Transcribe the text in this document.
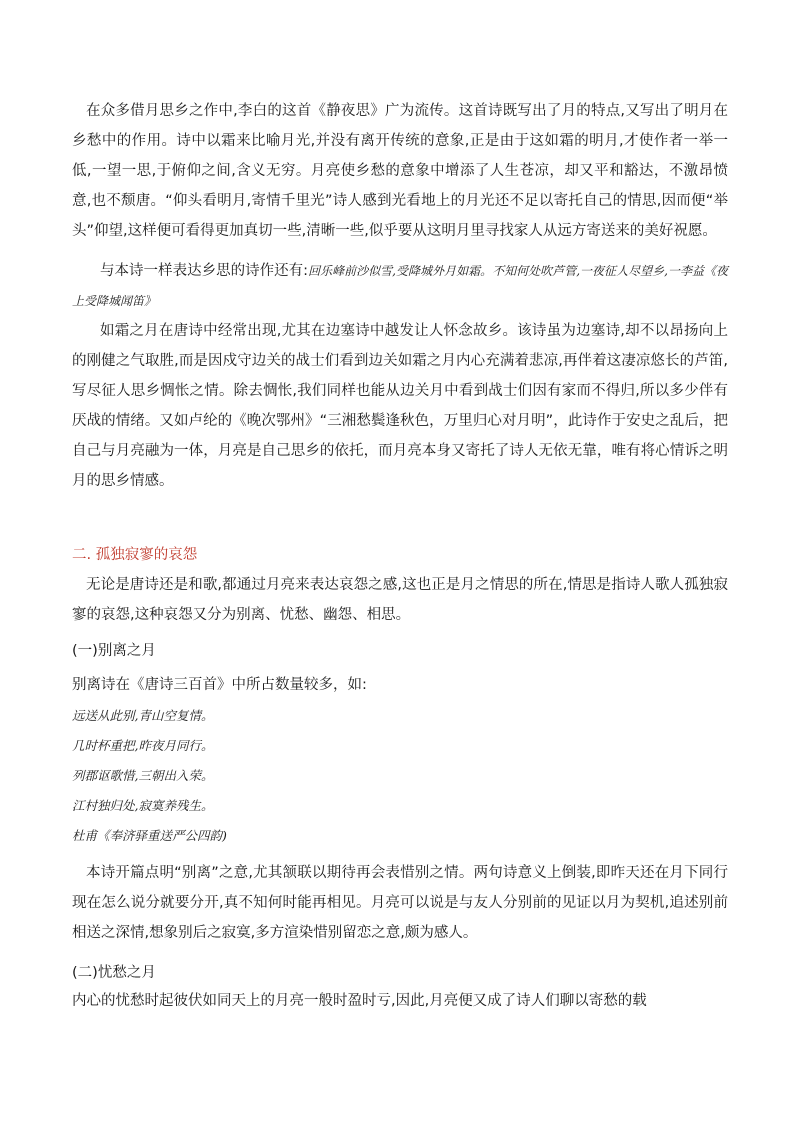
在众多借月思乡之作中,李白的这首《静夜思》广为流传。这首诗既写出了月的特点,又写出了明月在乡愁中的作用。诗中以霜来比喻月光,并没有离开传统的意象,正是由于这如霜的明月,才使作者一举一低,一望一思,于俯仰之间,含义无穷。月亮使乡愁的意象中增添了人生苍凉，却又平和豁达，不激昂愤意,也不颓唐。“仰头看明月,寄情千里光”诗人感到光看地上的月光还不足以寄托自己的情思,因而便“举头”仰望,这样便可看得更加真切一些,清晰一些,似乎要从这明月里寻找家人从远方寄送来的美好祝愿。
与本诗一样表达乡思的诗作还有:回乐峰前沙似雪,受降城外月如霜。不知何处吹芦管,一夜征人尽望乡,一李益《夜上受降城闻笛》
如霜之月在唐诗中经常出现,尤其在边塞诗中越发让人怀念故乡。该诗虽为边塞诗,却不以昂扬向上的刚健之气取胜,而是因戍守边关的战士们看到边关如霜之月内心充满着悲凉,再伴着这凄凉悠长的芦笛,写尽征人思乡惆怅之情。除去惆怅,我们同样也能从边关月中看到战士们因有家而不得归,所以多少伴有厌战的情绪。又如卢纶的《晚次鄂州》“三湘愁鬓逢秋色，万里归心对月明”，此诗作于安史之乱后，把自己与月亮融为一体，月亮是自己思乡的依托，而月亮本身又寄托了诗人无依无靠，唯有将心情诉之明月的思乡情感。
二. 孤独寂寥的哀怨
无论是唐诗还是和歌,都通过月亮来表达哀怨之感,这也正是月之情思的所在,情思是指诗人歌人孤独寂寥的哀怨,这种哀怨又分为别离、忧愁、幽怨、相思。
(一)别离之月
别离诗在《唐诗三百首》中所占数量较多，如:
远送从此别,青山空复情。
几时杯重把,昨夜月同行。
列郡讴歌惜,三朝出入荣。
江村独归处,寂寞养残生。
杜甫《奉济驿重送严公四韵)
本诗开篇点明“别离”之意,尤其颔联以期待再会表惜别之情。两句诗意义上倒装,即昨天还在月下同行现在怎么说分就要分开,真不知何时能再相见。月亮可以说是与友人分别前的见证以月为契机,追述别前相送之深情,想象别后之寂寞,多方渲染惜别留恋之意,颇为感人。
(二)忧愁之月
内心的忧愁时起彼伏如同天上的月亮一般时盈时亏,因此,月亮便又成了诗人们聊以寄愁的载
